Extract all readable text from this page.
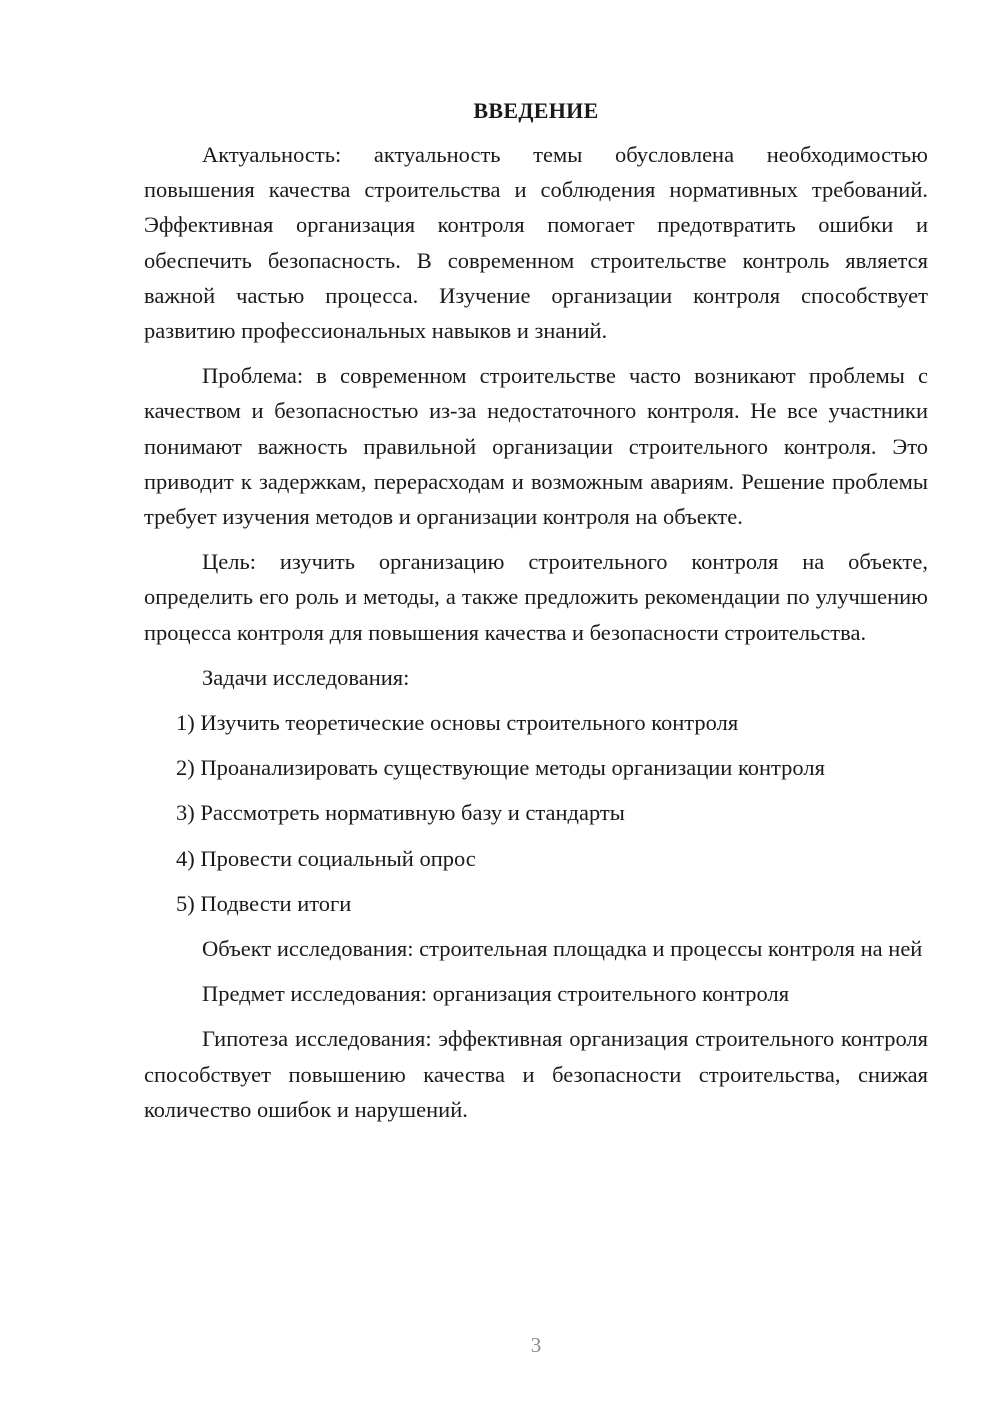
ВВЕДЕНИЕ

Актуальность: актуальность темы обусловлена необходимостью повышения качества строительства и соблюдения нормативных требований. Эффективная организация контроля помогает предотвратить ошибки и обеспечить безопасность. В современном строительстве контроль является важной частью процесса. Изучение организации контроля способствует развитию профессиональных навыков и знаний.

Проблема: в современном строительстве часто возникают проблемы с качеством и безопасностью из-за недостаточного контроля. Не все участники понимают важность правильной организации строительного контроля. Это приводит к задержкам, перерасходам и возможным авариям. Решение проблемы требует изучения методов и организации контроля на объекте.

Цель: изучить организацию строительного контроля на объекте, определить его роль и методы, а также предложить рекомендации по улучшению процесса контроля для повышения качества и безопасности строительства.

Задачи исследования:

1) Изучить теоретические основы строительного контроля
2) Проанализировать существующие методы организации контроля
3) Рассмотреть нормативную базу и стандарты
4) Провести социальный опрос
5) Подвести итоги

Объект исследования: строительная площадка и процессы контроля на ней

Предмет исследования: организация строительного контроля

Гипотеза исследования: эффективная организация строительного контроля способствует повышению качества и безопасности строительства, снижая количество ошибок и нарушений.

3
